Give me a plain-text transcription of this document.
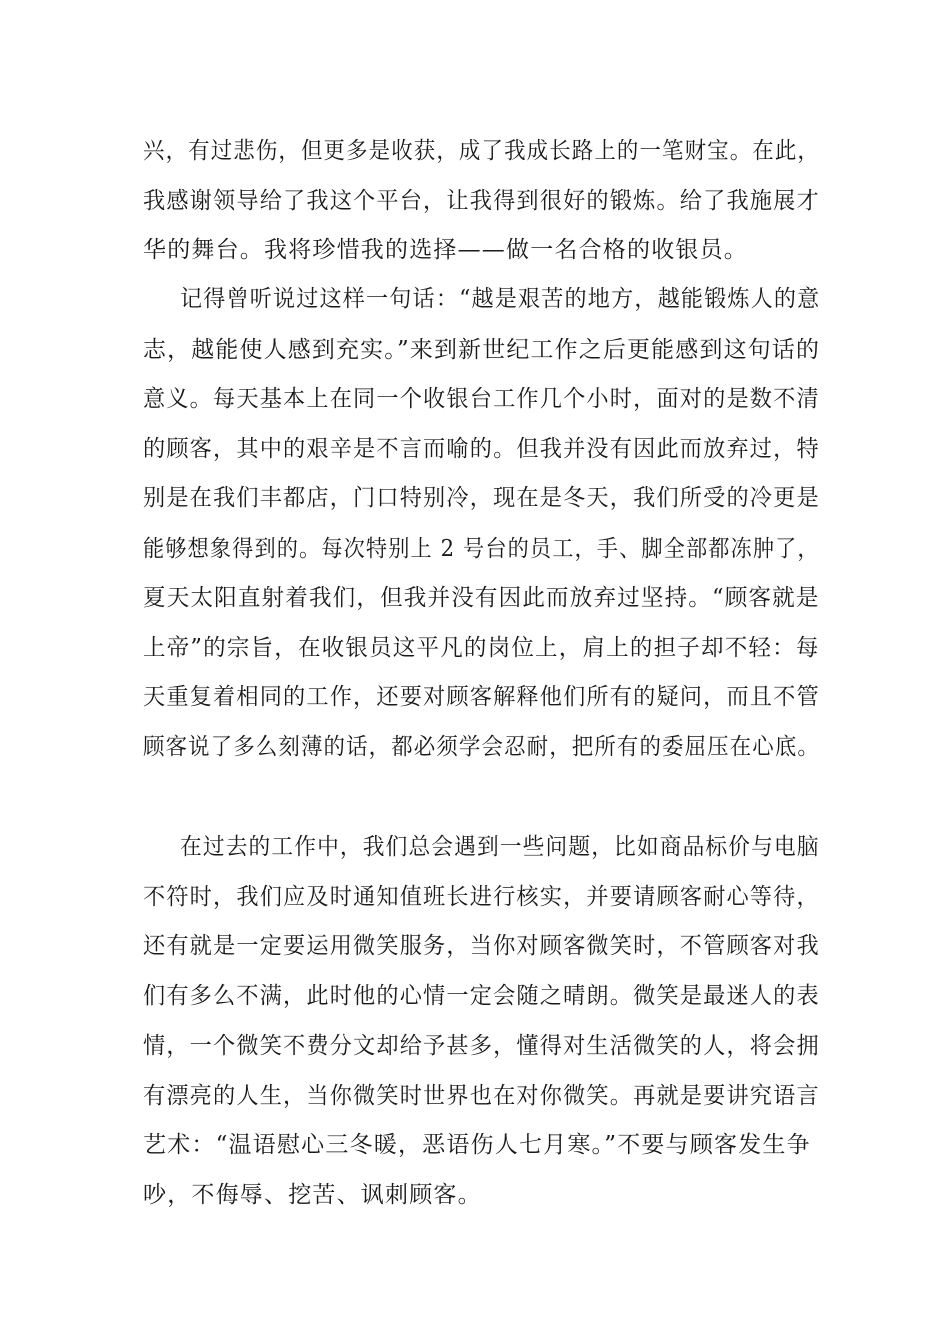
兴，有过悲伤，但更多是收获，成了我成长路上的一笔财宝。在此，
我感谢领导给了我这个平台，让我得到很好的锻炼。给了我施展才
华的舞台。我将珍惜我的选择——做一名合格的收银员。
记得曾听说过这样一句话：“越是艰苦的地方，越能锻炼人的意
志，越能使人感到充实。”来到新世纪工作之后更能感到这句话的
意义。每天基本上在同一个收银台工作几个小时，面对的是数不清
的顾客，其中的艰辛是不言而喻的。但我并没有因此而放弃过，特
别是在我们丰都店，门口特别冷，现在是冬天，我们所受的冷更是
能够想象得到的。每次特别上 2 号台的员工，手、脚全部都冻肿了，
夏天太阳直射着我们，但我并没有因此而放弃过坚持。“顾客就是
上帝”的宗旨，在收银员这平凡的岗位上，肩上的担子却不轻：每
天重复着相同的工作，还要对顾客解释他们所有的疑问，而且不管
顾客说了多么刻薄的话，都必须学会忍耐，把所有的委屈压在心底。
在过去的工作中，我们总会遇到一些问题，比如商品标价与电脑
不符时，我们应及时通知值班长进行核实，并要请顾客耐心等待，
还有就是一定要运用微笑服务，当你对顾客微笑时，不管顾客对我
们有多么不满，此时他的心情一定会随之晴朗。微笑是最迷人的表
情，一个微笑不费分文却给予甚多，懂得对生活微笑的人，将会拥
有漂亮的人生，当你微笑时世界也在对你微笑。再就是要讲究语言
艺术：“温语慰心三冬暖，恶语伤人七月寒。”不要与顾客发生争
吵，不侮辱、挖苦、讽刺顾客。
